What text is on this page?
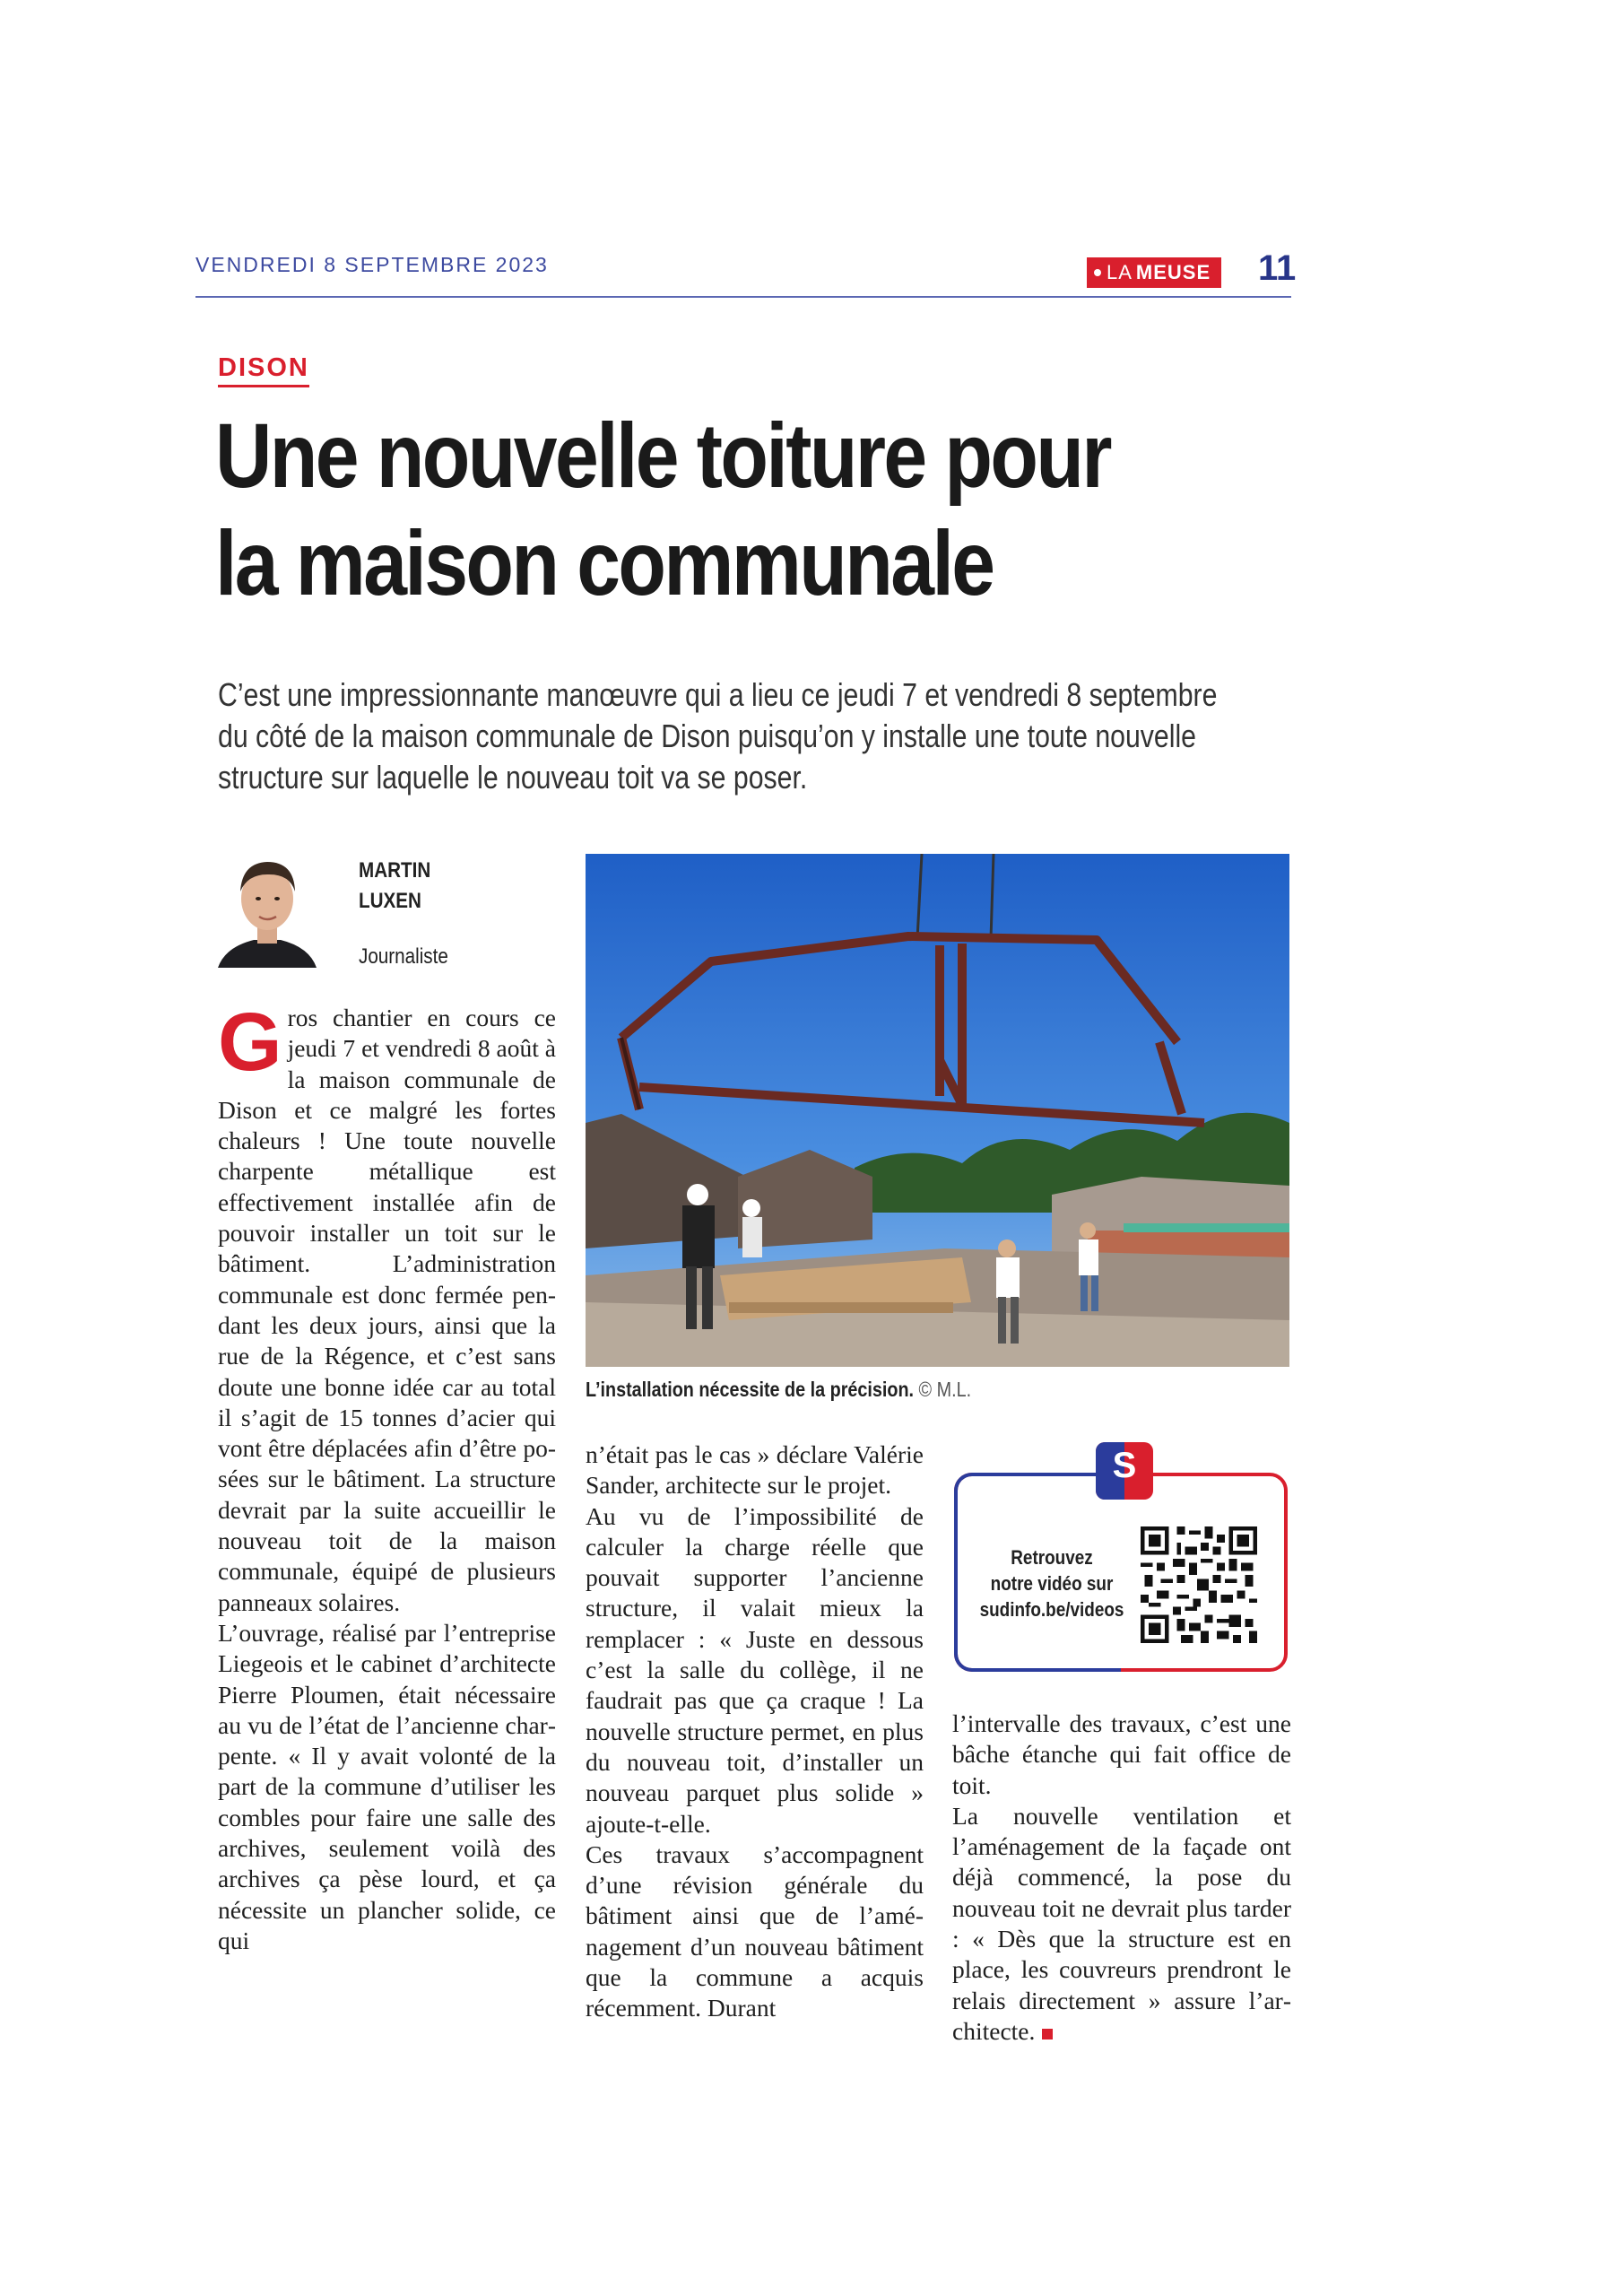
VENDREDI 8 SEPTEMBRE 2023	LA MEUSE 11
DISON
Une nouvelle toiture pour
la maison communale

C’est une impressionnante manœuvre qui a lieu ce jeudi 7 et vendredi 8 septembre du côté de la maison communale de Dison puisqu’on y installe une toute nouvelle structure sur laquelle le nouveau toit va se poser.

MARTIN
LUXEN
Journaliste
L’installation nécessite de la précision. © M.L.

Gros chantier en cours ce jeudi 7 et vendredi 8 août à la maison communale de Dison et ce malgré les fortes chaleurs ! Une toute nouvelle charpente métallique est effectivement installée afin de pouvoir installer un toit sur le bâtiment. L’administration communale est donc fermée pendant les deux jours, ainsi que la rue de la Régence, et c’est sans doute une bonne idée car au total il s’agit de 15 tonnes d’acier qui vont être déplacées afin d’être posées sur le bâtiment. La structure devrait par la suite accueillir le nouveau toit de la maison communale, équipé de plusieurs panneaux solaires.

L’ouvrage, réalisé par l’entreprise Liegeois et le cabinet d’architecte Pierre Ploumen, était nécessaire au vu de l’état de l’ancienne charpente. « Il y avait volonté de la part de la commune d’utiliser les combles pour faire une salle des archives, seulement voilà des archives ça pèse lourd, et ça nécessite un plancher solide, ce qui

n’était pas le cas » déclare Valérie Sander, architecte sur le projet.

Au vu de l’impossibilité de calculer la charge réelle que pouvait supporter l’ancienne structure, il valait mieux la remplacer : « Juste en dessous c’est la salle du collège, il ne faudrait pas que ça craque ! La nouvelle structure permet, en plus du nouveau toit, d’installer un nouveau parquet plus solide » ajoute-t-elle.

Ces travaux s’accompagnent d’une révision générale du bâtiment ainsi que de l’aménagement d’un nouveau bâtiment que la commune a acquis récemment. Durant

S
Retrouvez
notre vidéo sur
sudinfo.be/videos

l’intervalle des travaux, c’est une bâche étanche qui fait office de toit.

La nouvelle ventilation et l’aménagement de la façade ont déjà commencé, la pose du nouveau toit ne devrait plus tarder : « Dès que la structure est en place, les couvreurs prendront le relais directement » assure l’architecte.
